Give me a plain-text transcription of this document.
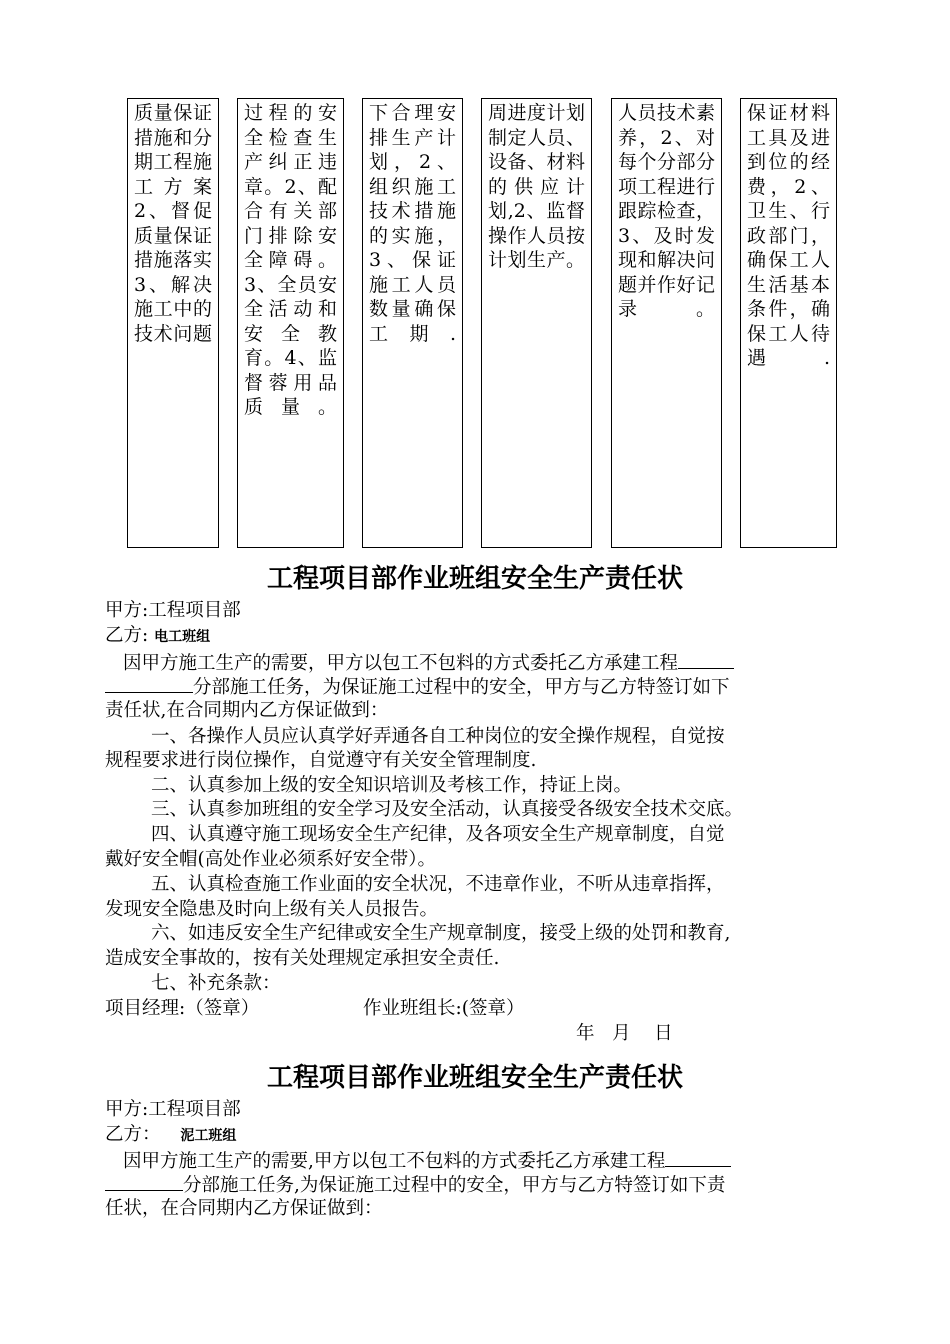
质量保证措施和分期工程施工方案2、督促质量保证措施落实3、解决施工中的技术问题
过程的安全检查生产纠正违章。2、配合有关部门排除安全障碍。3、全员安全活动和安全教育。4、监督蓉用品质量。
下合理安排生产计划，2、组织施工技术措施的实施，3、保证施工人员数量确保工期.
周进度计划制定人员、设备、材料的供应计划,2、监督操作人员按计划生产。
人员技术素养，2、对每个分部分项工程进行跟踪检查，3、及时发现和解决问题并作好记录。
保证材料工具及进到位的经费，2、卫生、行政部门，确保工人生活基本条件，确保工人待遇.
工程项目部作业班组安全生产责任状
甲方:工程项目部
乙方: 电工班组
因甲方施工生产的需要，甲方以包工不包料的方式委托乙方承建工程
分部施工任务，为保证施工过程中的安全，甲方与乙方特签订如下
责任状,在合同期内乙方保证做到：
一、各操作人员应认真学好弄通各自工种岗位的安全操作规程，自觉按
规程要求进行岗位操作，自觉遵守有关安全管理制度.
二、认真参加上级的安全知识培训及考核工作，持证上岗。
三、认真参加班组的安全学习及安全活动，认真接受各级安全技术交底。
四、认真遵守施工现场安全生产纪律，及各项安全生产规章制度，自觉
戴好安全帽(高处作业必须系好安全带）。
五、认真检查施工作业面的安全状况，不违章作业，不听从违章指挥，
发现安全隐患及时向上级有关人员报告。
六、如违反安全生产纪律或安全生产规章制度，接受上级的处罚和教育,
造成安全事故的，按有关处理规定承担安全责任.
七、补充条款：
项目经理:（签章）	作业班组长:(签章）
年   月    日
工程项目部作业班组安全生产责任状
甲方:工程项目部
乙方： 泥工班组
因甲方施工生产的需要,甲方以包工不包料的方式委托乙方承建工程
分部施工任务,为保证施工过程中的安全，甲方与乙方特签订如下责
任状，在合同期内乙方保证做到：
